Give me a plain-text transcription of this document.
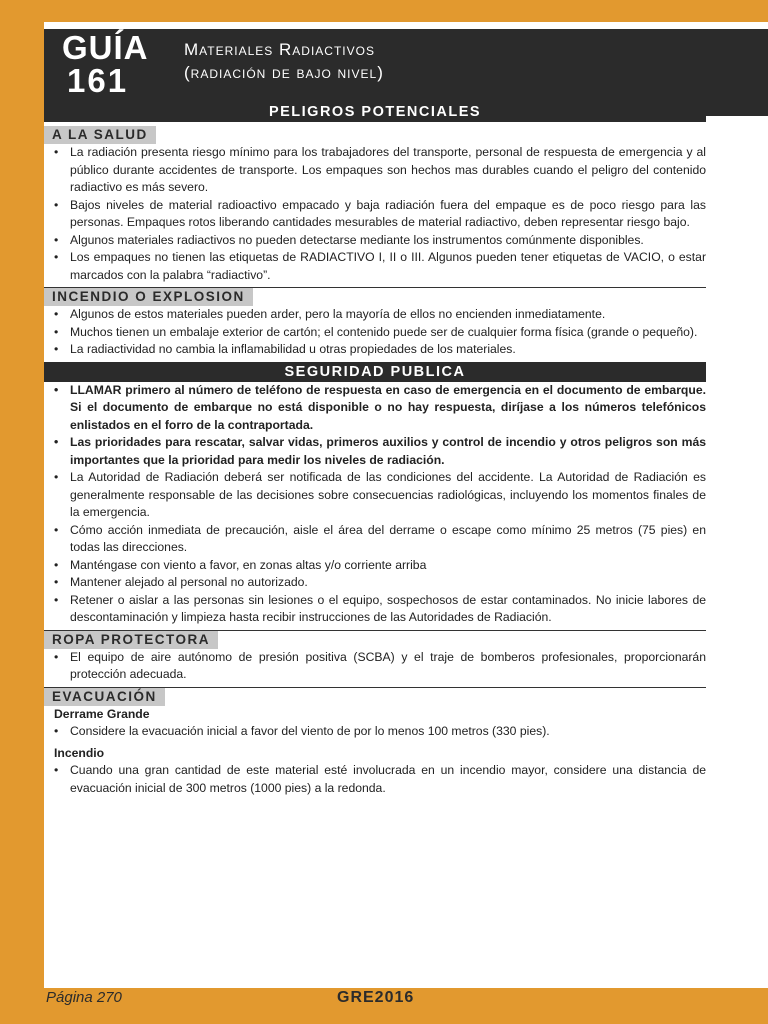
GUÍA
161
Materiales Radiactivos
(radiación de bajo nivel)
PELIGROS POTENCIALES
A LA SALUD
• La radiación presenta riesgo mínimo para los trabajadores del transporte, personal de respuesta de emergencia y al público durante accidentes de transporte. Los empaques son hechos mas durables cuando el peligro del contenido radiactivo es más severo.
• Bajos niveles de material radioactivo empacado y baja radiación fuera del empaque es de poco riesgo para las personas. Empaques rotos liberando cantidades mesurables de material radiactivo, deben representar riesgo bajo.
• Algunos materiales radiactivos no pueden detectarse mediante los instrumentos comúnmente disponibles.
• Los empaques no tienen las etiquetas de RADIACTIVO I, II o III. Algunos pueden tener etiquetas de VACIO, o estar marcados con la palabra “radiactivo”.
INCENDIO O EXPLOSION
• Algunos de estos materiales pueden arder, pero la mayoría de ellos no encienden inmediatamente.
• Muchos tienen un embalaje exterior de cartón; el contenido puede ser de cualquier forma física (grande o pequeño).
• La radiactividad no cambia la inflamabilidad u otras propiedades de los materiales.
SEGURIDAD PUBLICA
• LLAMAR primero al número de teléfono de respuesta en caso de emergencia en el documento de embarque. Si el documento de embarque no está disponible o no hay respuesta, diríjase a los números telefónicos enlistados en el forro de la contraportada.
• Las prioridades para rescatar, salvar vidas, primeros auxilios y control de incendio y otros peligros son más importantes que la prioridad para medir los niveles de radiación.
• La Autoridad de Radiación deberá ser notificada de las condiciones del accidente. La Autoridad de Radiación es generalmente responsable de las decisiones sobre consecuencias radiológicas, incluyendo los momentos finales de la emergencia.
• Cómo acción inmediata de precaución, aisle el área del derrame o escape como mínimo 25 metros (75 pies) en todas las direcciones.
• Manténgase con viento a favor, en zonas altas y/o corriente arriba
• Mantener alejado al personal no autorizado.
• Retener o aislar a las personas sin lesiones o el equipo, sospechosos de estar contaminados. No inicie labores de descontaminación y limpieza hasta recibir instrucciones de las Autoridades de Radiación.
ROPA PROTECTORA
• El equipo de aire autónomo de presión positiva (SCBA) y el traje de bomberos profesionales, proporcionarán protección adecuada.
EVACUACIÓN
Derrame Grande
• Considere la evacuación inicial a favor del viento de por lo menos 100 metros (330 pies).
Incendio
• Cuando una gran cantidad de este material esté involucrada en un incendio mayor, considere una distancia de evacuación inicial de 300 metros (1000 pies) a la redonda.
Página 270	GRE2016
